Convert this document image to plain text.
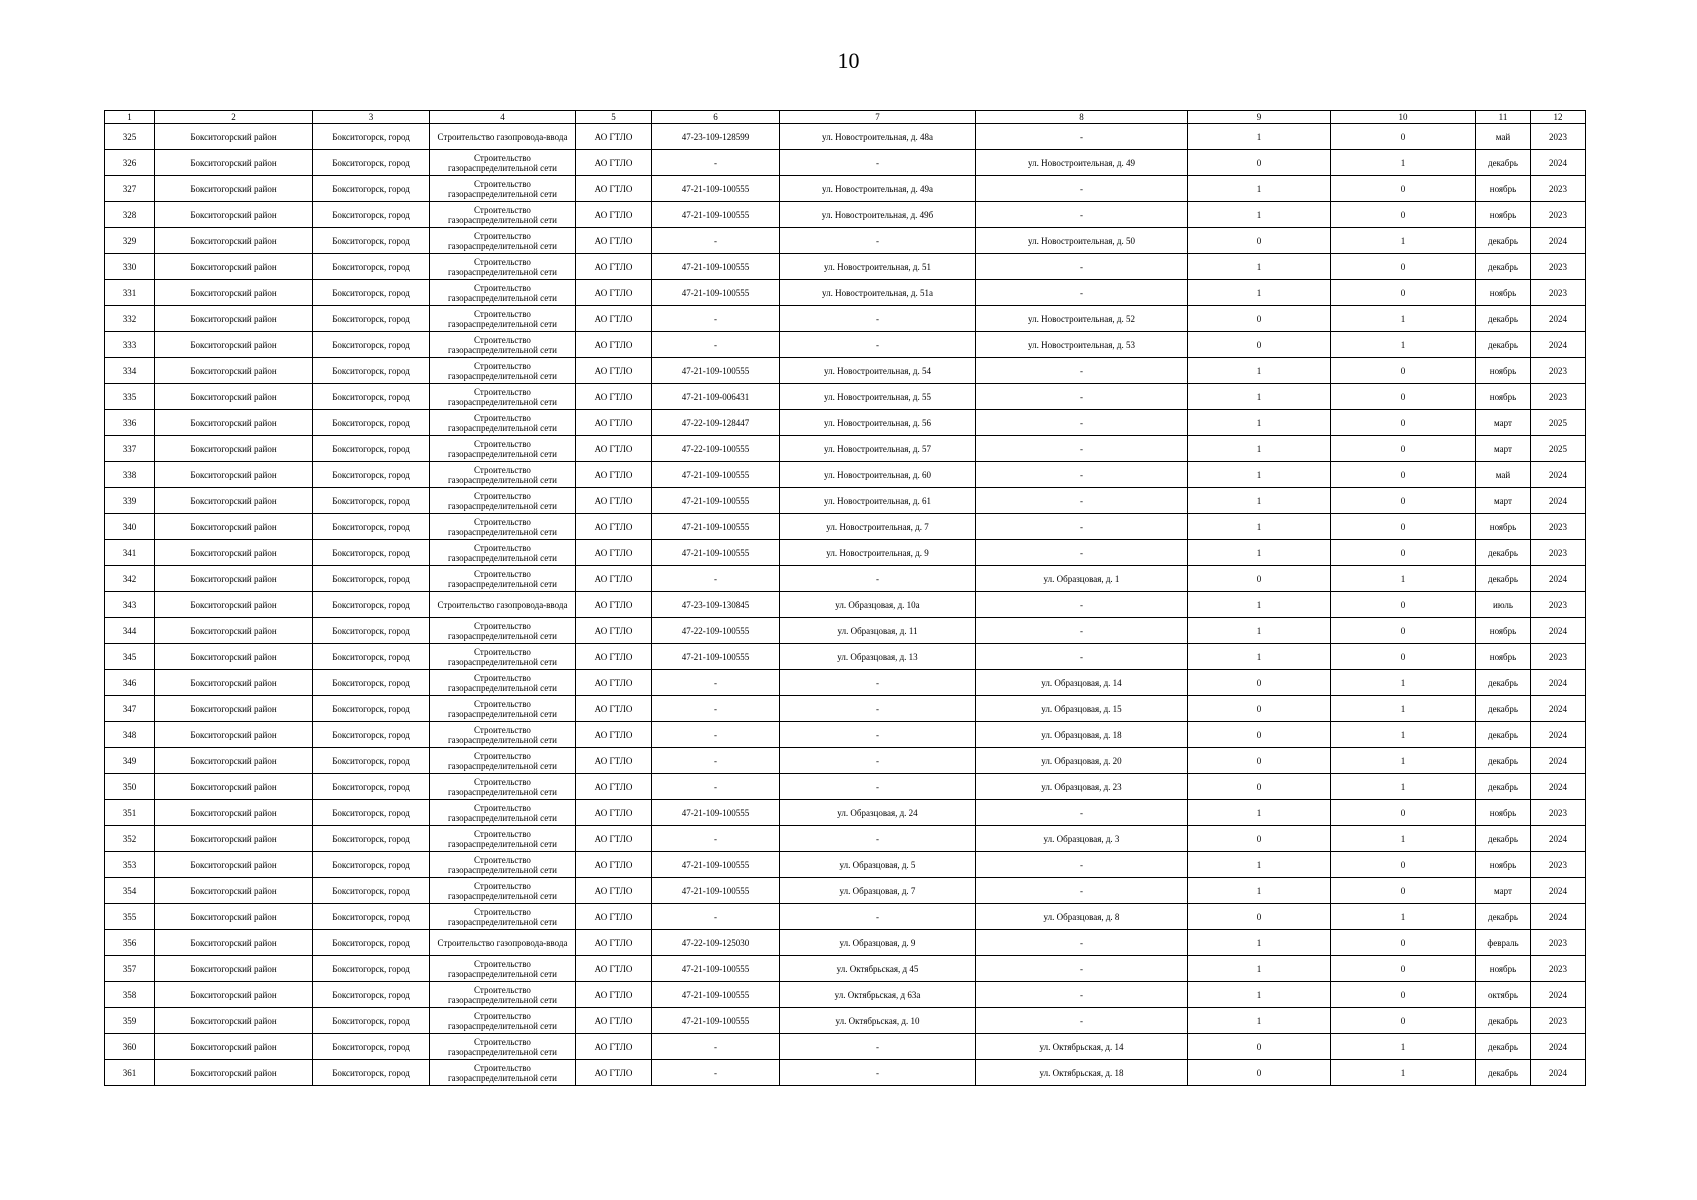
10
1	2	3	4	5	6	7	8	9	10	11	12
325	Бокситогорский район	Бокситогорск, город	Строительство газопровода-ввода	АО ГТЛО	47-23-109-128599	ул. Новостроительная, д. 48а	-	1	0	май	2023
326	Бокситогорский район	Бокситогорск, город	Строительство газораспределительной сети	АО ГТЛО	-	-	ул. Новостроительная, д. 49	0	1	декабрь	2024
327	Бокситогорский район	Бокситогорск, город	Строительство газораспределительной сети	АО ГТЛО	47-21-109-100555	ул. Новостроительная, д. 49а	-	1	0	ноябрь	2023
328	Бокситогорский район	Бокситогорск, город	Строительство газораспределительной сети	АО ГТЛО	47-21-109-100555	ул. Новостроительная, д. 49б	-	1	0	ноябрь	2023
329	Бокситогорский район	Бокситогорск, город	Строительство газораспределительной сети	АО ГТЛО	-	-	ул. Новостроительная, д. 50	0	1	декабрь	2024
330	Бокситогорский район	Бокситогорск, город	Строительство газораспределительной сети	АО ГТЛО	47-21-109-100555	ул. Новостроительная, д. 51	-	1	0	декабрь	2023
331	Бокситогорский район	Бокситогорск, город	Строительство газораспределительной сети	АО ГТЛО	47-21-109-100555	ул. Новостроительная, д. 51а	-	1	0	ноябрь	2023
332	Бокситогорский район	Бокситогорск, город	Строительство газораспределительной сети	АО ГТЛО	-	-	ул. Новостроительная, д. 52	0	1	декабрь	2024
333	Бокситогорский район	Бокситогорск, город	Строительство газораспределительной сети	АО ГТЛО	-	-	ул. Новостроительная, д. 53	0	1	декабрь	2024
334	Бокситогорский район	Бокситогорск, город	Строительство газораспределительной сети	АО ГТЛО	47-21-109-100555	ул. Новостроительная, д. 54	-	1	0	ноябрь	2023
335	Бокситогорский район	Бокситогорск, город	Строительство газораспределительной сети	АО ГТЛО	47-21-109-006431	ул. Новостроительная, д. 55	-	1	0	ноябрь	2023
336	Бокситогорский район	Бокситогорск, город	Строительство газораспределительной сети	АО ГТЛО	47-22-109-128447	ул. Новостроительная, д. 56	-	1	0	март	2025
337	Бокситогорский район	Бокситогорск, город	Строительство газораспределительной сети	АО ГТЛО	47-22-109-100555	ул. Новостроительная, д. 57	-	1	0	март	2025
338	Бокситогорский район	Бокситогорск, город	Строительство газораспределительной сети	АО ГТЛО	47-21-109-100555	ул. Новостроительная, д. 60	-	1	0	май	2024
339	Бокситогорский район	Бокситогорск, город	Строительство газораспределительной сети	АО ГТЛО	47-21-109-100555	ул. Новостроительная, д. 61	-	1	0	март	2024
340	Бокситогорский район	Бокситогорск, город	Строительство газораспределительной сети	АО ГТЛО	47-21-109-100555	ул. Новостроительная, д. 7	-	1	0	ноябрь	2023
341	Бокситогорский район	Бокситогорск, город	Строительство газораспределительной сети	АО ГТЛО	47-21-109-100555	ул. Новостроительная, д. 9	-	1	0	декабрь	2023
342	Бокситогорский район	Бокситогорск, город	Строительство газораспределительной сети	АО ГТЛО	-	-	ул. Образцовая, д. 1	0	1	декабрь	2024
343	Бокситогорский район	Бокситогорск, город	Строительство газопровода-ввода	АО ГТЛО	47-23-109-130845	ул. Образцовая, д. 10а	-	1	0	июль	2023
344	Бокситогорский район	Бокситогорск, город	Строительство газораспределительной сети	АО ГТЛО	47-22-109-100555	ул. Образцовая, д. 11	-	1	0	ноябрь	2024
345	Бокситогорский район	Бокситогорск, город	Строительство газораспределительной сети	АО ГТЛО	47-21-109-100555	ул. Образцовая, д. 13	-	1	0	ноябрь	2023
346	Бокситогорский район	Бокситогорск, город	Строительство газораспределительной сети	АО ГТЛО	-	-	ул. Образцовая, д. 14	0	1	декабрь	2024
347	Бокситогорский район	Бокситогорск, город	Строительство газораспределительной сети	АО ГТЛО	-	-	ул. Образцовая, д. 15	0	1	декабрь	2024
348	Бокситогорский район	Бокситогорск, город	Строительство газораспределительной сети	АО ГТЛО	-	-	ул. Образцовая, д. 18	0	1	декабрь	2024
349	Бокситогорский район	Бокситогорск, город	Строительство газораспределительной сети	АО ГТЛО	-	-	ул. Образцовая, д. 20	0	1	декабрь	2024
350	Бокситогорский район	Бокситогорск, город	Строительство газораспределительной сети	АО ГТЛО	-	-	ул. Образцовая, д. 23	0	1	декабрь	2024
351	Бокситогорский район	Бокситогорск, город	Строительство газораспределительной сети	АО ГТЛО	47-21-109-100555	ул. Образцовая, д. 24	-	1	0	ноябрь	2023
352	Бокситогорский район	Бокситогорск, город	Строительство газораспределительной сети	АО ГТЛО	-	-	ул. Образцовая, д. 3	0	1	декабрь	2024
353	Бокситогорский район	Бокситогорск, город	Строительство газораспределительной сети	АО ГТЛО	47-21-109-100555	ул. Образцовая, д. 5	-	1	0	ноябрь	2023
354	Бокситогорский район	Бокситогорск, город	Строительство газораспределительной сети	АО ГТЛО	47-21-109-100555	ул. Образцовая, д. 7	-	1	0	март	2024
355	Бокситогорский район	Бокситогорск, город	Строительство газораспределительной сети	АО ГТЛО	-	-	ул. Образцовая, д. 8	0	1	декабрь	2024
356	Бокситогорский район	Бокситогорск, город	Строительство газопровода-ввода	АО ГТЛО	47-22-109-125030	ул. Образцовая, д. 9	-	1	0	февраль	2023
357	Бокситогорский район	Бокситогорск, город	Строительство газораспределительной сети	АО ГТЛО	47-21-109-100555	ул. Октябрьская, д 45	-	1	0	ноябрь	2023
358	Бокситогорский район	Бокситогорск, город	Строительство газораспределительной сети	АО ГТЛО	47-21-109-100555	ул. Октябрьская, д 63а	-	1	0	октябрь	2024
359	Бокситогорский район	Бокситогорск, город	Строительство газораспределительной сети	АО ГТЛО	47-21-109-100555	ул. Октябрьская, д. 10	-	1	0	декабрь	2023
360	Бокситогорский район	Бокситогорск, город	Строительство газораспределительной сети	АО ГТЛО	-	-	ул. Октябрьская, д. 14	0	1	декабрь	2024
361	Бокситогорский район	Бокситогорск, город	Строительство газораспределительной сети	АО ГТЛО	-	-	ул. Октябрьская, д. 18	0	1	декабрь	2024
